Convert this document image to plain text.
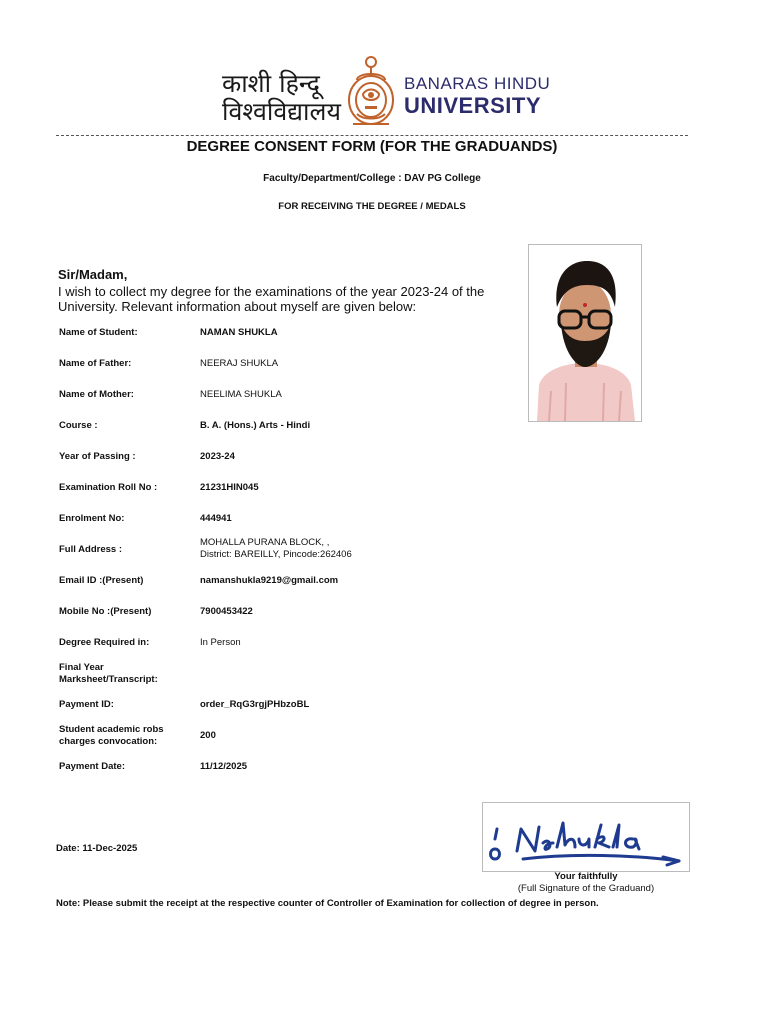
काशी हिन्दू
विश्वविद्यालय
BANARAS HINDU
UNIVERSITY
DEGREE CONSENT FORM (FOR THE GRADUANDS)
Faculty/Department/College : DAV PG College
FOR RECEIVING THE DEGREE / MEDALS
Sir/Madam,
I wish to collect my degree for the examinations of the year 2023-24 of the University. Relevant information about myself are given below:
Name of Student:	NAMAN SHUKLA
Name of Father:	NEERAJ SHUKLA
Name of Mother:	NEELIMA SHUKLA
Course :	B. A. (Hons.) Arts - Hindi
Year of Passing :	2023-24
Examination Roll No :	21231HIN045
Enrolment No:	444941
Full Address :
MOHALLA PURANA BLOCK, ,
District: BAREILLY, Pincode:262406
Email ID :(Present)	namanshukla9219@gmail.com
Mobile No :(Present)	7900453422
Degree Required in:	In Person
Final Year
Marksheet/Transcript:
Payment ID:	order_RqG3rgjPHbzoBL
Student academic robs
charges convocation:
200
Payment Date:	11/12/2025
Date: 11-Dec-2025
Your faithfully
(Full Signature of the Graduand)
Note: Please submit the receipt at the respective counter of Controller of Examination for collection of degree in person.
